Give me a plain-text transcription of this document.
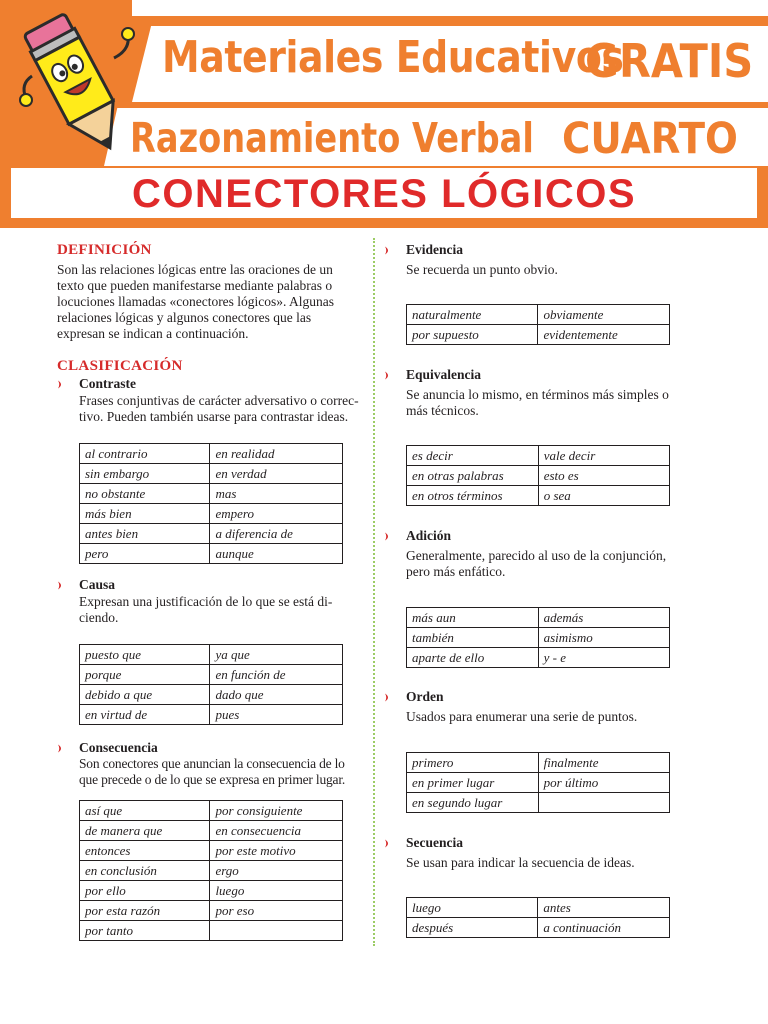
Materiales Educativos
GRATIS
Razonamiento Verbal CUARTO
CONECTORES LÓGICOS
DEFINICIÓN
Son las relaciones lógicas entre las oraciones de un
texto que pueden manifestarse mediante palabras o
locuciones llamadas «conectores lógicos». Algunas
relaciones lógicas y algunos conectores que las
expresan se indican a continuación.
CLASIFICACIÓN
Contraste
Frases conjuntivas de carácter adversativo o correc-
tivo. Pueden también usarse para contrastar ideas.
al contrario	en realidad
sin embargo	en verdad
no obstante	mas
más bien	empero
antes bien	a diferencia de
pero	aunque
Causa
Expresan una justificación de lo que se está di-
ciendo.
puesto que	ya que
porque	en función de
debido a que	dado que
en virtud de	pues
Consecuencia
Son conectores que anuncian la consecuencia de lo
que precede o de lo que se expresa en primer lugar.
así que	por consiguiente
de manera que	en consecuencia
entonces	por este motivo
en conclusión	ergo
por ello	luego
por esta razón	por eso
por tanto	
Evidencia
Se recuerda un punto obvio.
naturalmente	obviamente
por supuesto	evidentemente
Equivalencia
Se anuncia lo mismo, en términos más simples o
más técnicos.
es decir	vale decir
en otras palabras	esto es
en otros términos	o sea
Adición
Generalmente, parecido al uso de la conjunción,
pero más enfático.
más aun	además
también	asimismo
aparte de ello	y - e
Orden
Usados para enumerar una serie de puntos.
primero	finalmente
en primer lugar	por último
en segundo lugar	
Secuencia
Se usan para indicar la secuencia de ideas.
luego	antes
después	a continuación
